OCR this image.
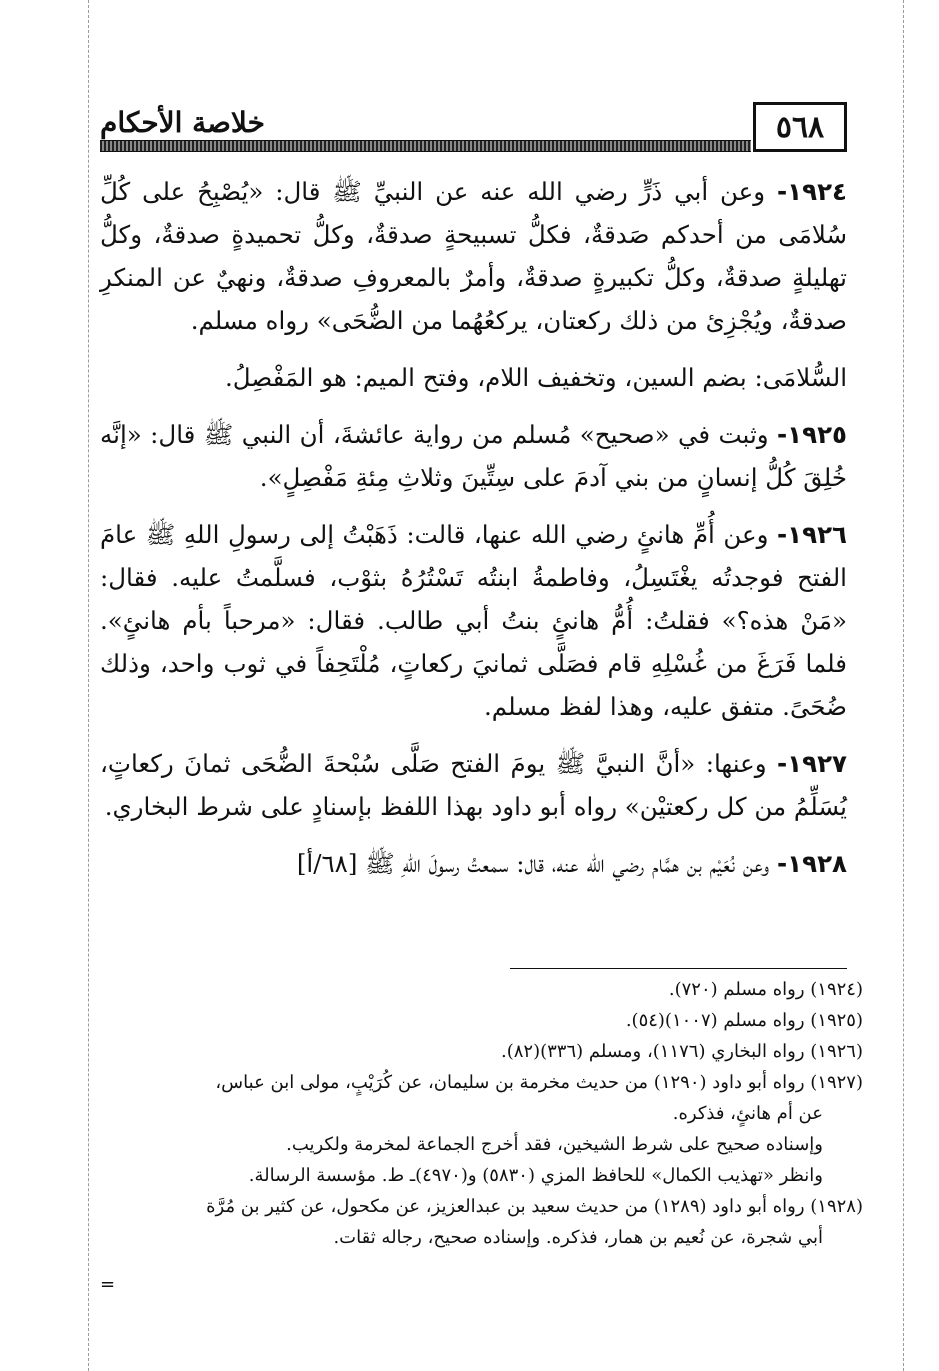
٥٦٨
خلاصة الأحكام

١٩٢٤- وعن أبي ذَرٍّ رضي الله عنه عن النبيِّ ﷺ قال: «يُصْبِحُ على كُلِّ سُلامَى من أحدكم صَدقةٌ، فكلُّ تسبيحةٍ صدقةٌ، وكلُّ تحميدةٍ صدقةٌ، وكلُّ تهليلةٍ صدقةٌ، وكلُّ تكبيرةٍ صدقةٌ، وأمرٌ بالمعروفِ صدقةٌ، ونهيٌ عن المنكرِ صدقةٌ، ويُجْزِئ من ذلك ركعتان، يركعُهُما من الضُّحَى» رواه مسلم.

السُّلامَى: بضم السين، وتخفيف اللام، وفتح الميم: هو المَفْصِلُ.

١٩٢٥- وثبت في «صحيح» مُسلم من رواية عائشةَ، أن النبي ﷺ قال: «إنَّه خُلِقَ كُلُّ إنسانٍ من بني آدمَ على سِتِّينَ وثلاثِ مِئةِ مَفْصِلٍ».

١٩٢٦- وعن أُمِّ هانئٍ رضي الله عنها، قالت: ذَهَبْتُ إلى رسولِ اللهِ ﷺ عامَ الفتح فوجدتُه يغْتَسِلُ، وفاطمةُ ابنتُه تَسْتُرُهُ بثوْب، فسلَّمتُ عليه. فقال: «مَنْ هذه؟» فقلتُ: أُمُّ هانئٍ بنتُ أبي طالب. فقال: «مرحباً بأم هانئٍ». فلما فَرَغَ من غُسْلِهِ قام فصَلَّى ثمانيَ ركعاتٍ، مُلْتَحِفاً في ثوب واحد، وذلك ضُحَىً. متفق عليه، وهذا لفظ مسلم.

١٩٢٧- وعنها: «أنَّ النبيَّ ﷺ يومَ الفتح صَلَّى سُبْحةَ الضُّحَى ثمانَ ركعاتٍ، يُسَلِّمُ من كل ركعتيْن» رواه أبو داود بهذا اللفظ بإسنادٍ على شرط البخاري.

١٩٢٨- وعن نُعَيْم بن همَّام رضي الله عنه، قال: سمعتُ رسولَ اللهِ ﷺ [٦٨/أ]

(١٩٢٤) رواه مسلم (٧٢٠).
(١٩٢٥) رواه مسلم (١٠٠٧)(٥٤).
(١٩٢٦) رواه البخاري (١١٧٦)، ومسلم (٣٣٦)(٨٢).
(١٩٢٧) رواه أبو داود (١٢٩٠) من حديث مخرمة بن سليمان، عن كُرَيْبٍ، مولى ابن عباس،
عن أم هانئٍ، فذكره.
وإسناده صحيح على شرط الشيخين، فقد أخرج الجماعة لمخرمة ولكريب.
وانظر «تهذيب الكمال» للحافظ المزي (٥٨٣٠) و(٤٩٧٠)ـ ط. مؤسسة الرسالة.
(١٩٢٨) رواه أبو داود (١٢٨٩) من حديث سعيد بن عبدالعزيز، عن مكحول، عن كثير بن مُرَّة
أبي شجرة، عن نُعيم بن همار، فذكره. وإسناده صحيح، رجاله ثقات.
=
